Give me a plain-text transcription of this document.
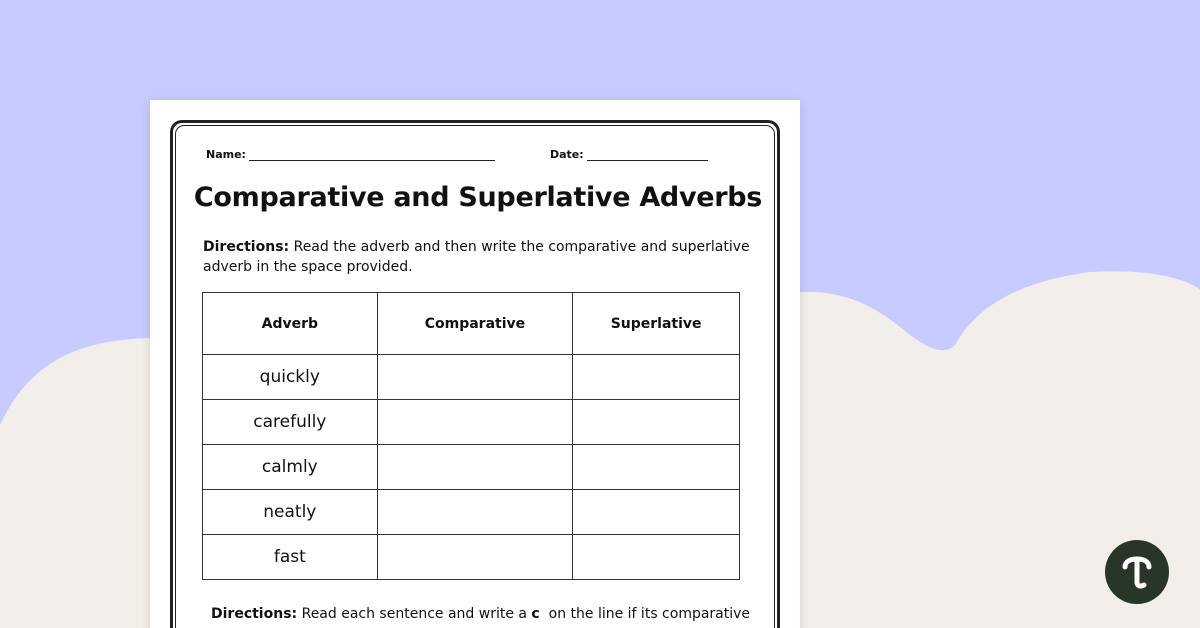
Name:	Date:
Comparative and Superlative Adverbs
Directions: Read the adverb and then write the comparative and superlative adverb in the space provided.
Adverb	Comparative	Superlative
quickly		
carefully		
calmly		
neatly		
fast		
Directions: Read each sentence and write a c  on the line if its comparative
